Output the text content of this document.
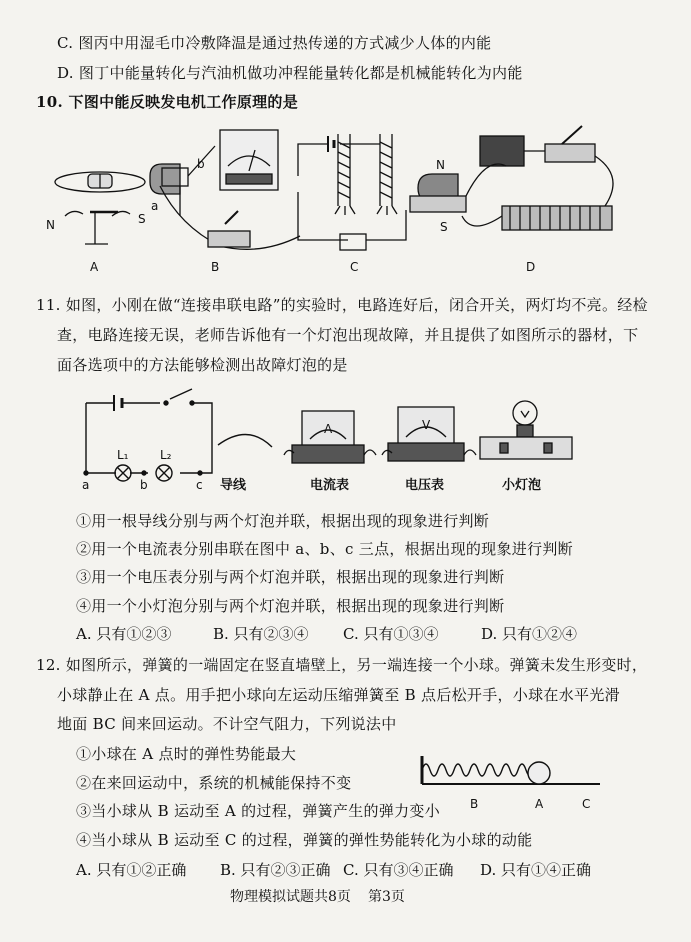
C. 图丙中用湿毛巾冷敷降温是通过热传递的方式减少人体的内能
D. 图丁中能量转化与汽油机做功冲程能量转化都是机械能转化为内能
10. 下图中能反映发电机工作原理的是
N	S
A
a
b
B	C
N
S
D
11. 如图，小刚在做“连接串联电路”的实验时，电路连好后，闭合开关，两灯均不亮。经检
查，电路连接无误，老师告诉他有一个灯泡出现故障，并且提供了如图所示的器材，下
面各选项中的方法能够检测出故障灯泡的是
L₁	L₂
a	b	c 导线
A
电流表
V
电压表	小灯泡
①用一根导线分别与两个灯泡并联，根据出现的现象进行判断
②用一个电流表分别串联在图中 a、b、c 三点，根据出现的现象进行判断
③用一个电压表分别与两个灯泡并联，根据出现的现象进行判断
④用一个小灯泡分别与两个灯泡并联，根据出现的现象进行判断
A. 只有①②③	B. 只有②③④ C. 只有①③④	D. 只有①②④
12. 如图所示，弹簧的一端固定在竖直墙壁上，另一端连接一个小球。弹簧未发生形变时，
小球静止在 A 点。用手把小球向左运动压缩弹簧至 B 点后松开手，小球在水平光滑
地面 BC 间来回运动。不计空气阻力，下列说法中
①小球在 A 点时的弹性势能最大
②在来回运动中，系统的机械能保持不变
③当小球从 B 运动至 A 的过程，弹簧产生的弹力变小
④当小球从 B 运动至 C 的过程，弹簧的弹性势能转化为小球的动能
B	A	C
A. 只有①②正确 B. 只有②③正确 C. 只有③④正确 D. 只有①④正确
物理模拟试题共8页 第3页
